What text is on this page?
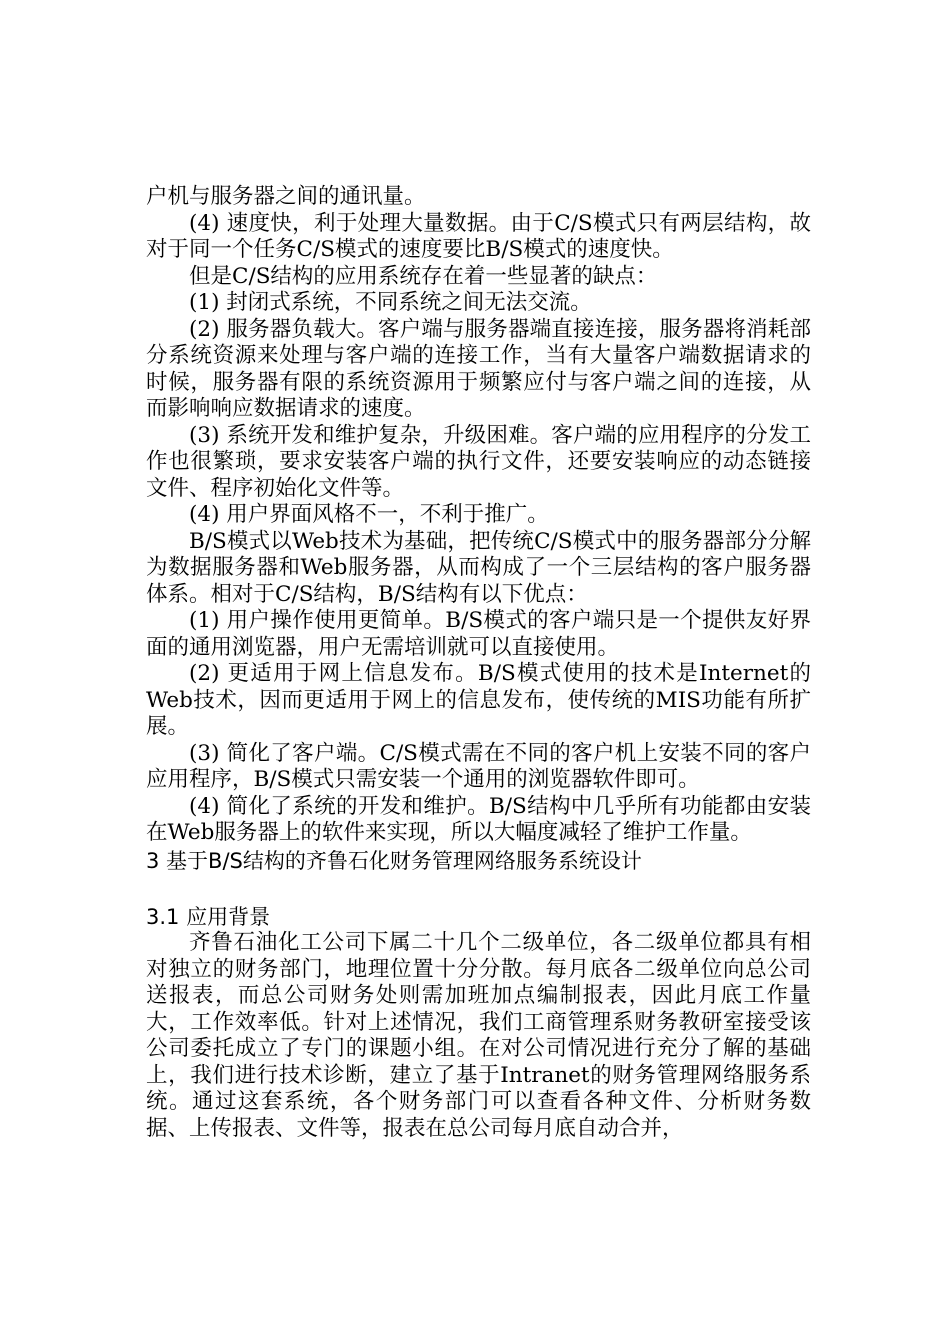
户机与服务器之间的通讯量。

(4) 速度快，利于处理大量数据。由于C/S模式只有两层结构，故对于同一个任务C/S模式的速度要比B/S模式的速度快。

但是C/S结构的应用系统存在着一些显著的缺点：

(1) 封闭式系统，不同系统之间无法交流。

(2) 服务器负载大。客户端与服务器端直接连接，服务器将消耗部分系统资源来处理与客户端的连接工作，当有大量客户端数据请求的时候，服务器有限的系统资源用于频繁应付与客户端之间的连接，从而影响响应数据请求的速度。

(3) 系统开发和维护复杂，升级困难。客户端的应用程序的分发工作也很繁琐，要求安装客户端的执行文件，还要安装响应的动态链接文件、程序初始化文件等。

(4) 用户界面风格不一，不利于推广。

B/S模式以Web技术为基础，把传统C/S模式中的服务器部分分解为数据服务器和Web服务器，从而构成了一个三层结构的客户服务器体系。相对于C/S结构，B/S结构有以下优点：

(1) 用户操作使用更简单。B/S模式的客户端只是一个提供友好界面的通用浏览器，用户无需培训就可以直接使用。

(2) 更适用于网上信息发布。B/S模式使用的技术是Internet的Web技术，因而更适用于网上的信息发布，使传统的MIS功能有所扩展。

(3) 简化了客户端。C/S模式需在不同的客户机上安装不同的客户应用程序，B/S模式只需安装一个通用的浏览器软件即可。

(4) 简化了系统的开发和维护。B/S结构中几乎所有功能都由安装在Web服务器上的软件来实现，所以大幅度减轻了维护工作量。

3 基于B/S结构的齐鲁石化财务管理网络服务系统设计
3.1 应用背景

齐鲁石油化工公司下属二十几个二级单位，各二级单位都具有相对独立的财务部门，地理位置十分分散。每月底各二级单位向总公司送报表，而总公司财务处则需加班加点编制报表，因此月底工作量大，工作效率低。针对上述情况，我们工商管理系财务教研室接受该公司委托成立了专门的课题小组。在对公司情况进行充分了解的基础上，我们进行技术诊断，建立了基于Intranet的财务管理网络服务系统。通过这套系统，各个财务部门可以查看各种文件、分析财务数据、上传报表、文件等，报表在总公司每月底自动合并，
